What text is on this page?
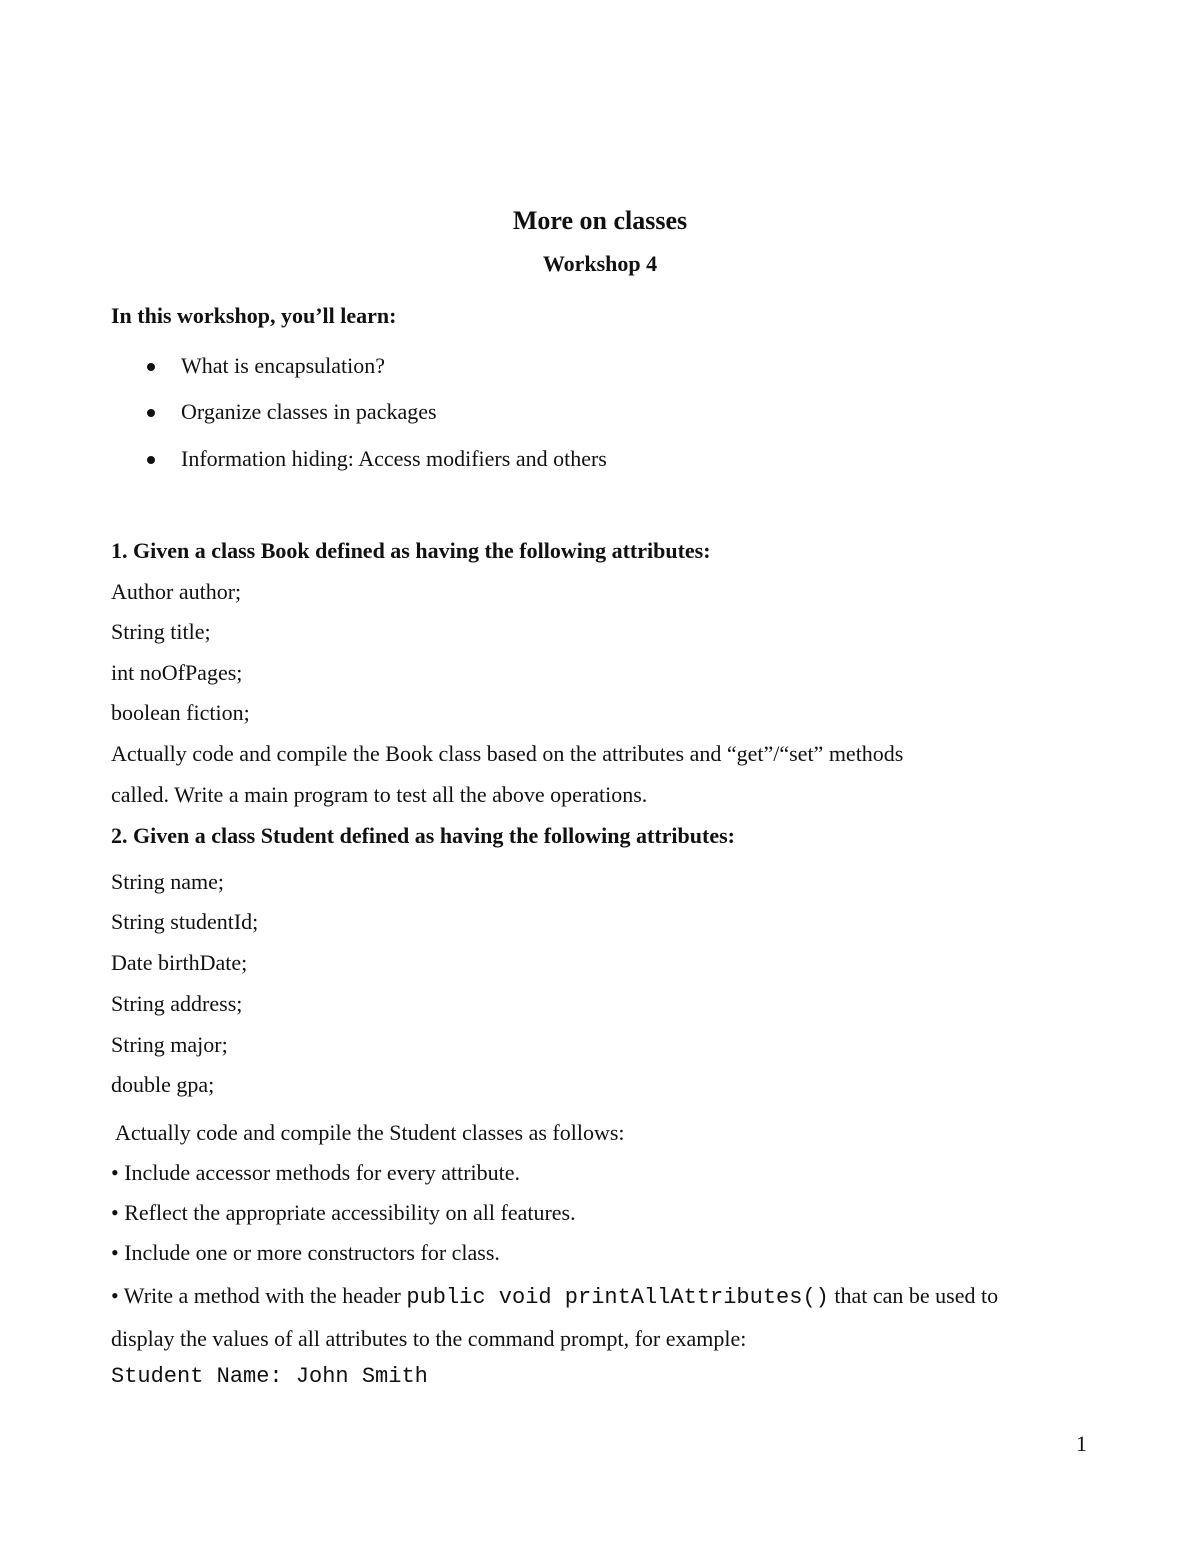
More on classes
Workshop 4
In this workshop, you’ll learn:
What is encapsulation?
Organize classes in packages
Information hiding: Access modifiers and others
1. Given a class Book defined as having the following attributes:
Author author;
String title;
int noOfPages;
boolean fiction;
Actually code and compile the Book class based on the attributes and “get”/“set” methods
called. Write a main program to test all the above operations.
2. Given a class Student defined as having the following attributes:
String name;
String studentId;
Date birthDate;
String address;
String major;
double gpa;
Actually code and compile the Student classes as follows:
• Include accessor methods for every attribute.
• Reflect the appropriate accessibility on all features.
• Include one or more constructors for class.
• Write a method with the header public void printAllAttributes() that can be used to
display the values of all attributes to the command prompt, for example:
Student Name: John Smith
1
